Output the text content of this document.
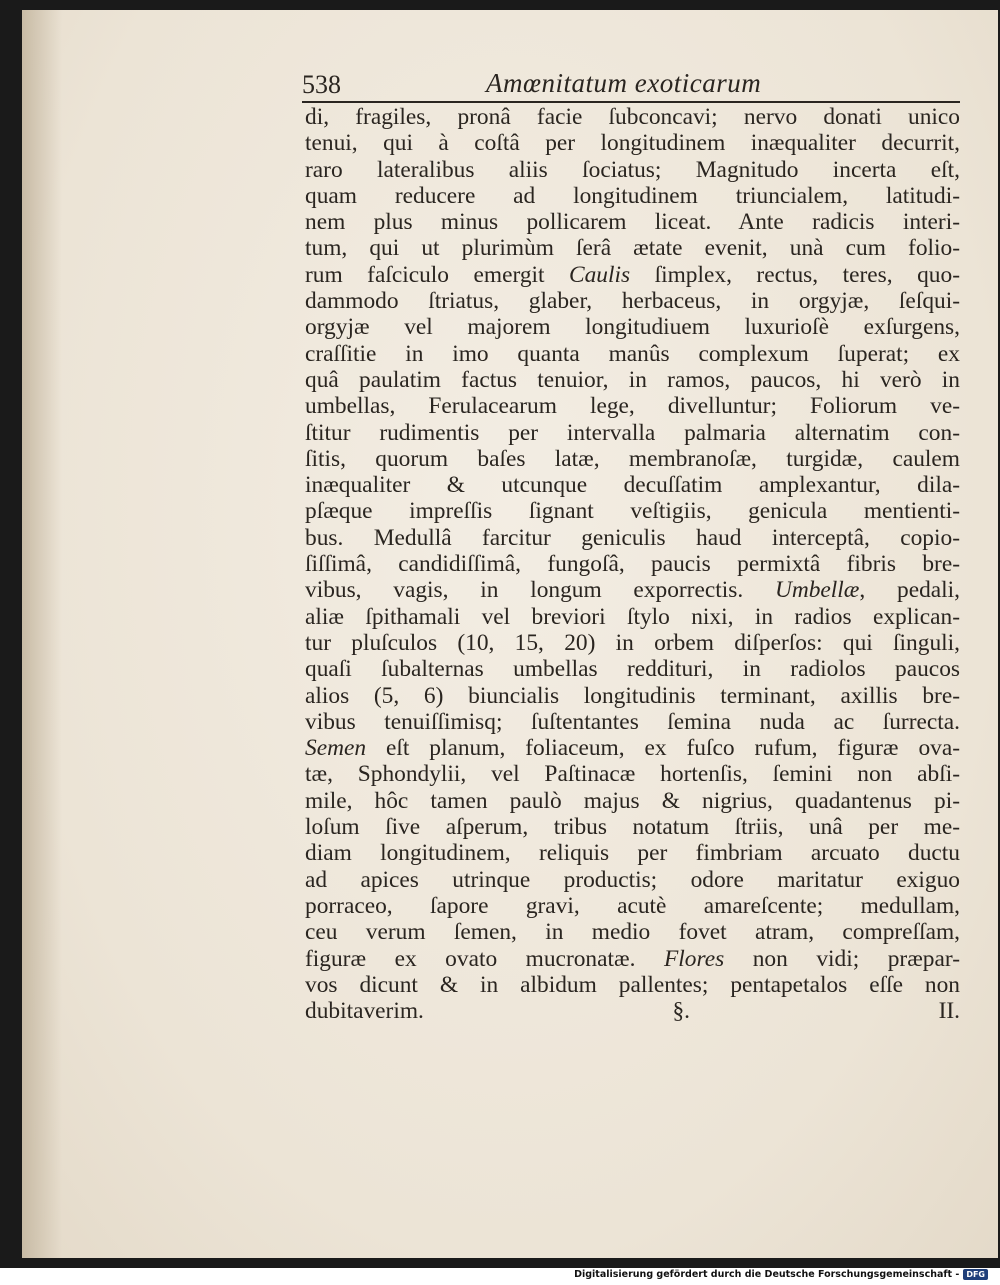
538	Amœnitatum exoticarum
di, fragiles, pronâ facie ſubconcavi; nervo donati unico
tenui, qui à coſtâ per longitudinem inæqualiter decurrit,
raro lateralibus aliis ſociatus; Magnitudo incerta eſt,
quam reducere ad longitudinem triuncialem, latitudi-
nem plus minus pollicarem liceat. Ante radicis interi-
tum, qui ut plurimùm ſerâ ætate evenit, unà cum folio-
rum faſciculo emergit Caulis ſimplex, rectus, teres, quo-
dammodo ſtriatus, glaber, herbaceus, in orgyjæ, ſeſqui-
orgyjæ vel majorem longitudiuem luxurioſè exſurgens,
craſſitie in imo quanta manûs complexum ſuperat; ex
quâ paulatim factus tenuior, in ramos, paucos, hi verò in
umbellas, Ferulacearum lege, divelluntur; Foliorum ve-
ſtitur rudimentis per intervalla palmaria alternatim con-
ſitis, quorum baſes latæ, membranoſæ, turgidæ, caulem
inæqualiter & utcunque decuſſatim amplexantur, dila-
pſæque impreſſis ſignant veſtigiis, genicula mentienti-
bus. Medullâ farcitur geniculis haud interceptâ, copio-
ſiſſimâ, candidiſſimâ, fungoſâ, paucis permixtâ fibris bre-
vibus, vagis, in longum exporrectis. Umbellæ, pedali,
aliæ ſpithamali vel breviori ſtylo nixi, in radios explican-
tur pluſculos (10, 15, 20) in orbem diſperſos: qui ſinguli,
quaſi ſubalternas umbellas reddituri, in radiolos paucos
alios (5, 6) biuncialis longitudinis terminant, axillis bre-
vibus tenuiſſimisq; ſuſtentantes ſemina nuda ac ſurrecta.
Semen eſt planum, foliaceum, ex fuſco rufum, figuræ ova-
tæ, Sphondylii, vel Paſtinacæ hortenſis, ſemini non abſi-
mile, hôc tamen paulò majus & nigrius, quadantenus pi-
loſum ſive aſperum, tribus notatum ſtriis, unâ per me-
diam longitudinem, reliquis per fimbriam arcuato ductu
ad apices utrinque productis; odore maritatur exiguo
porraceo, ſapore gravi, acutè amareſcente; medullam,
ceu verum ſemen, in medio fovet atram, compreſſam,
figuræ ex ovato mucronatæ. Flores non vidi; præpar-
vos dicunt & in albidum pallentes; pentapetalos eſſe non
dubitaverim. §. II.
Digitalisierung gefördert durch die Deutsche Forschungsgemeinschaft - DFG
